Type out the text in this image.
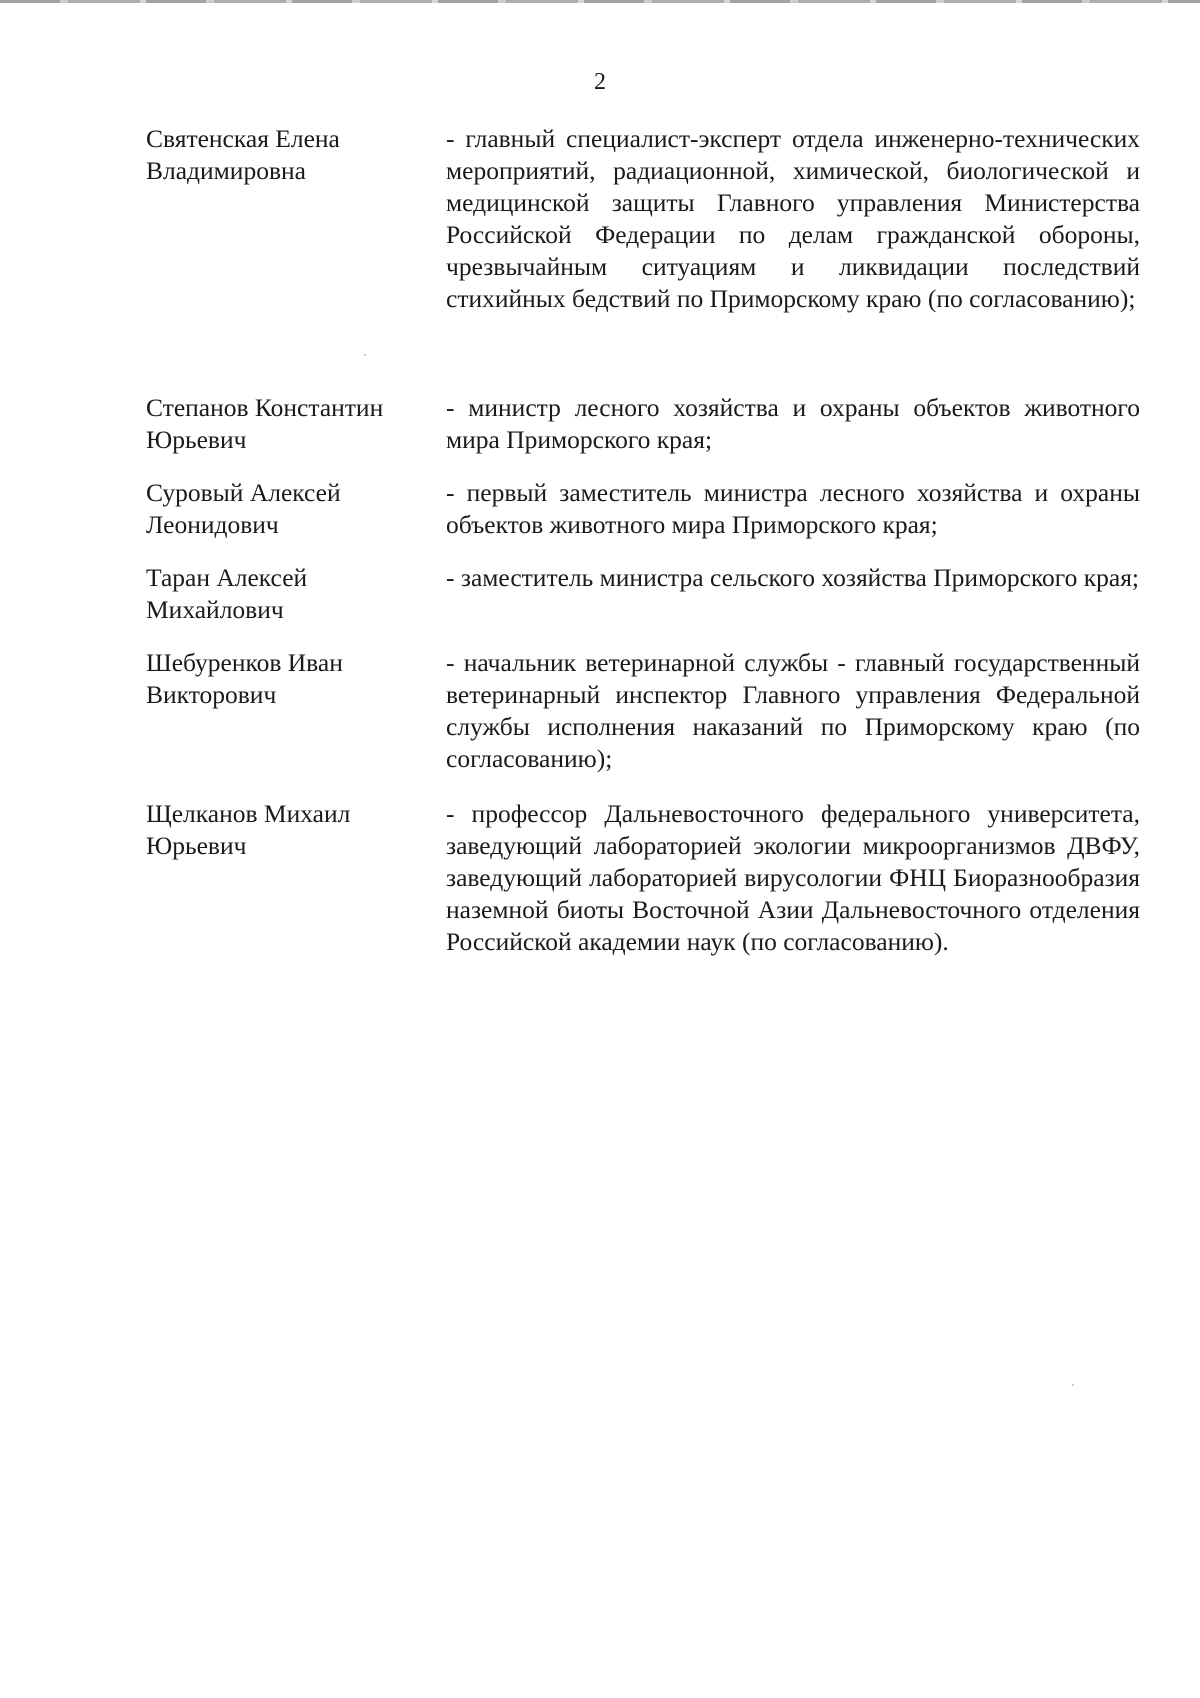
2
Святенская Елена
Владимировна
- главный специалист-эксперт отдела инженерно-технических мероприятий, радиационной, химической, биологической и медицинской защиты Главного управления Министерства Российской Федерации по делам гражданской обороны, чрезвычайным ситуациям и ликвидации последствий стихийных бедствий по Приморскому краю (по согласованию);
Степанов Константин
Юрьевич
- министр лесного хозяйства и охраны объектов животного мира Приморского края;
Суровый Алексей
Леонидович
- первый заместитель министра лесного хозяйства и охраны объектов животного мира Приморского края;
Таран Алексей
Михайлович
- заместитель министра сельского хозяйства Приморского края;
Шебуренков Иван
Викторович
- начальник ветеринарной службы - главный государственный ветеринарный инспектор Главного управления Федеральной службы исполнения наказаний по Приморскому краю (по согласованию);
Щелканов Михаил
Юрьевич
- профессор Дальневосточного федерального университета, заведующий лабораторией экологии микроорганизмов ДВФУ, заведующий лабораторией вирусологии ФНЦ Биоразнообразия наземной биоты Восточной Азии Дальневосточного отделения Российской академии наук (по согласованию).
